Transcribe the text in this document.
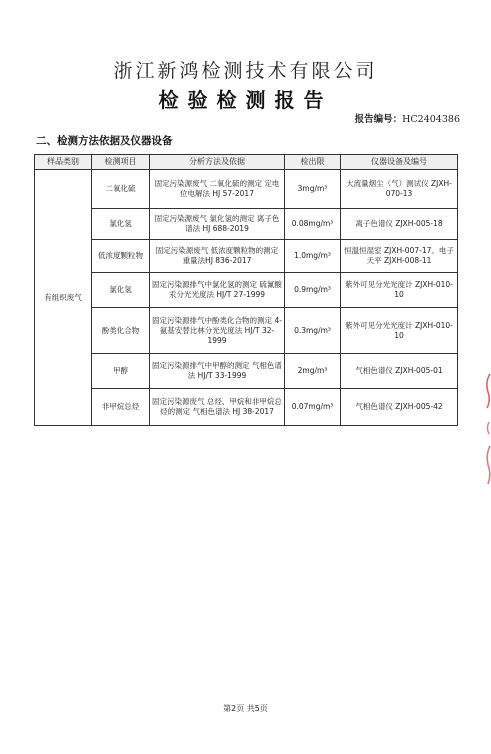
浙江新鸿检测技术有限公司
检验检测报告
报告编号：HC2404386
二、检测方法依据及仪器设备
样品类别	检测项目	分析方法及依据	检出限	仪器设备及编号
有组织废气	二氧化硫	固定污染源废气 二氧化硫的测定 定电位电解法 HJ 57-2017	3mg/m³	大流量烟尘（气）测试仪 ZJXH-070-13
	氯化氢	固定污染源废气 氯化氢的测定 离子色谱法 HJ 688-2019	0.08mg/m³	离子色谱仪 ZJXH-005-18
	低浓度颗粒物	固定污染源废气 低浓度颗粒物的测定 重量法HJ 836-2017	1.0mg/m³	恒温恒湿室 ZJXH-007-17、电子天平 ZJXH-008-11
	氯化氢	固定污染源排气中氯化氢的测定 硫氰酸汞分光光度法 HJ/T 27-1999	0.9mg/m³	紫外可见分光光度计 ZJXH-010-10
	酚类化合物	固定污染源排气中酚类化合物的测定 4-氨基安替比林分光光度法 HJ/T 32-1999	0.3mg/m³	紫外可见分光光度计 ZJXH-010-10
	甲醇	固定污染源排气中甲醇的测定 气相色谱法 HJ/T 33-1999	2mg/m³	气相色谱仪 ZJXH-005-01
	非甲烷总烃	固定污染源废气 总烃、甲烷和非甲烷总烃的测定 气相色谱法 HJ 38-2017	0.07mg/m³	气相色谱仪 ZJXH-005-42
第2页 共5页
